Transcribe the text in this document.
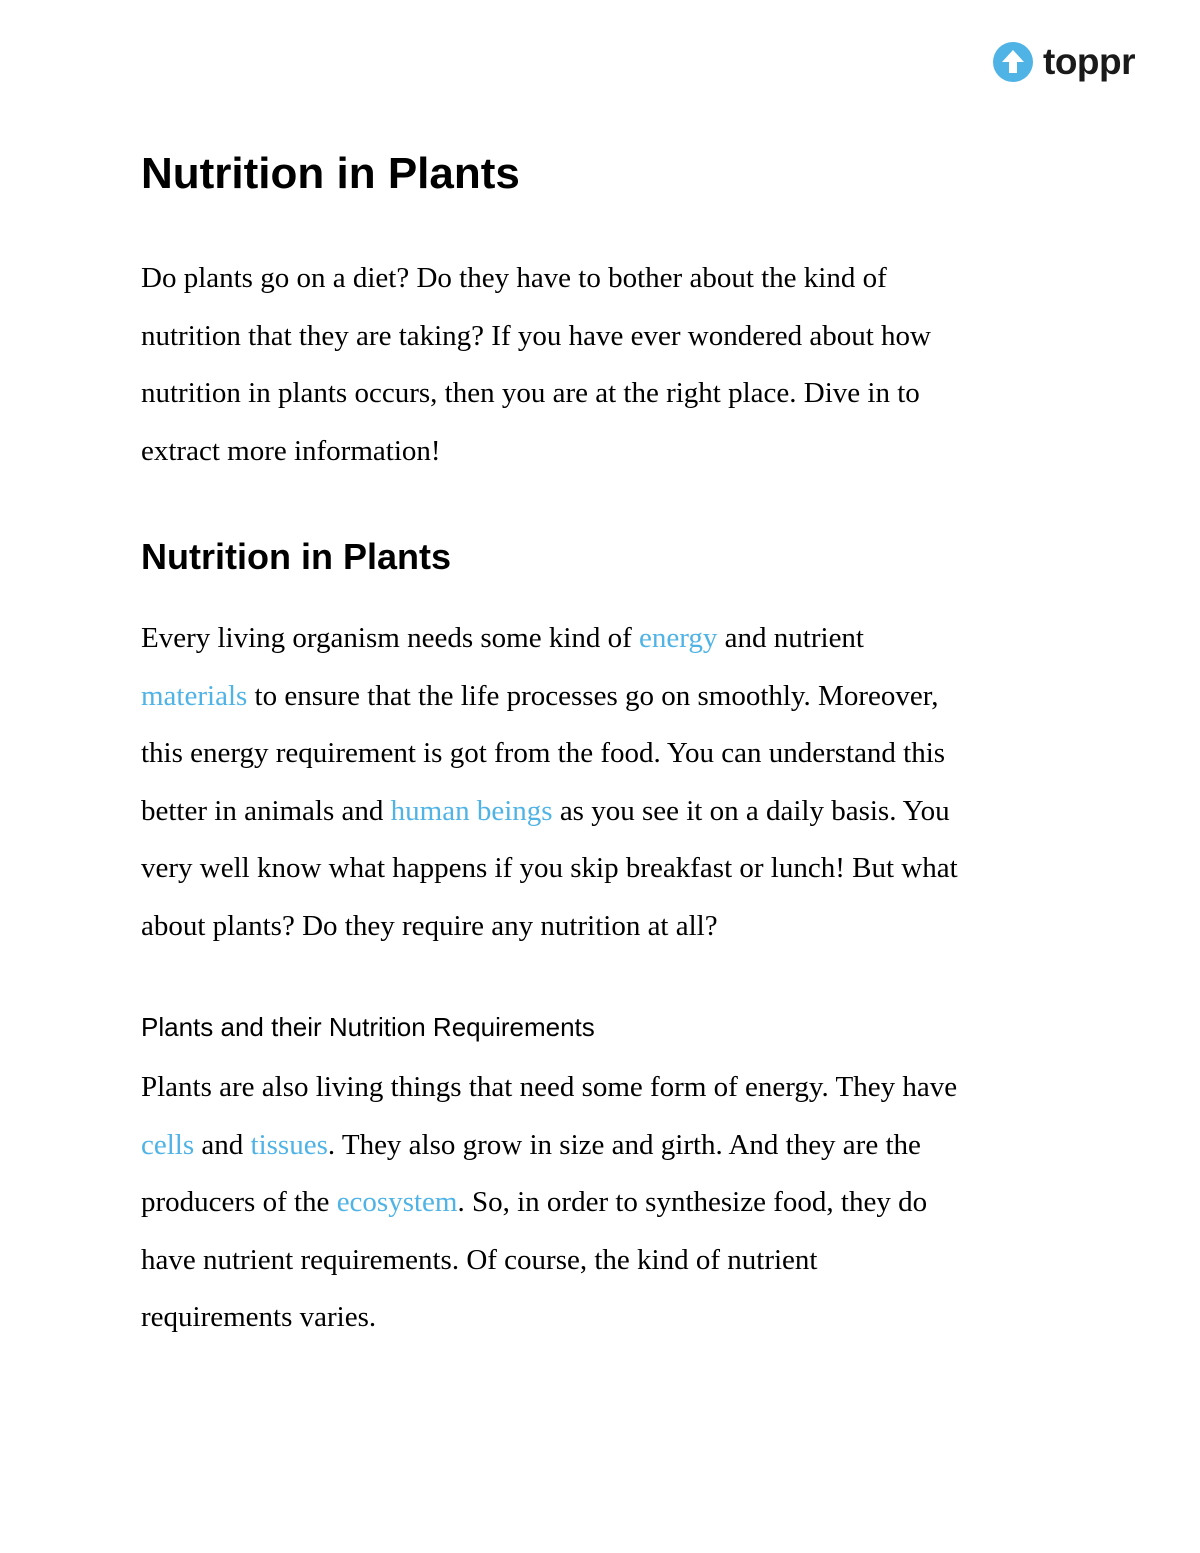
toppr
Nutrition in Plants

Do plants go on a diet? Do they have to bother about the kind of
nutrition that they are taking? If you have ever wondered about how
nutrition in plants occurs, then you are at the right place. Dive in to
extract more information!

Nutrition in Plants

Every living organism needs some kind of energy and nutrient
materials to ensure that the life processes go on smoothly. Moreover,
this energy requirement is got from the food. You can understand this
better in animals and human beings as you see it on a daily basis. You
very well know what happens if you skip breakfast or lunch! But what
about plants? Do they require any nutrition at all?

Plants and their Nutrition Requirements

Plants are also living things that need some form of energy. They have
cells and tissues. They also grow in size and girth. And they are the
producers of the ecosystem. So, in order to synthesize food, they do
have nutrient requirements. Of course, the kind of nutrient
requirements varies.
